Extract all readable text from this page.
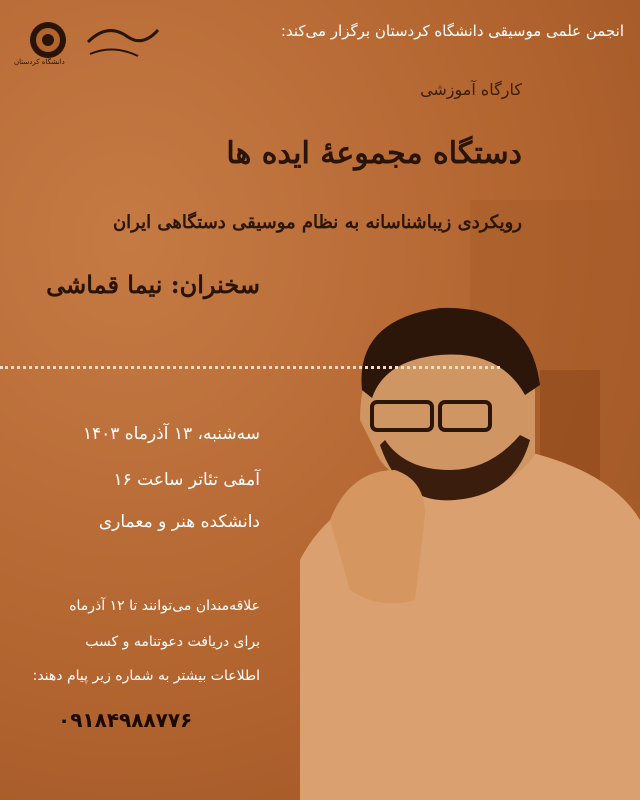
دانشگاه کردستان

انجمن علمی موسیقی دانشگاه کردستان برگزار می‌کند:

کارگاه آموزشی

دستگاه مجموعهٔ ایده ها

رویکردی زیباشناسانه به نظام موسیقی دستگاهی ایران

سخنران: نیما قماشی

سه‌شنبه، ۱۳ آذرماه ۱۴۰۳

آمفی تئاتر ساعت ۱۶

دانشکده هنر و معماری

علاقه‌مندان می‌توانند تا ۱۲ آذرماه

برای دریافت دعوتنامه و کسب

اطلاعات بیشتر به شماره زیر پیام دهند:

۰۹۱۸۴۹۸۸۷۷۶
